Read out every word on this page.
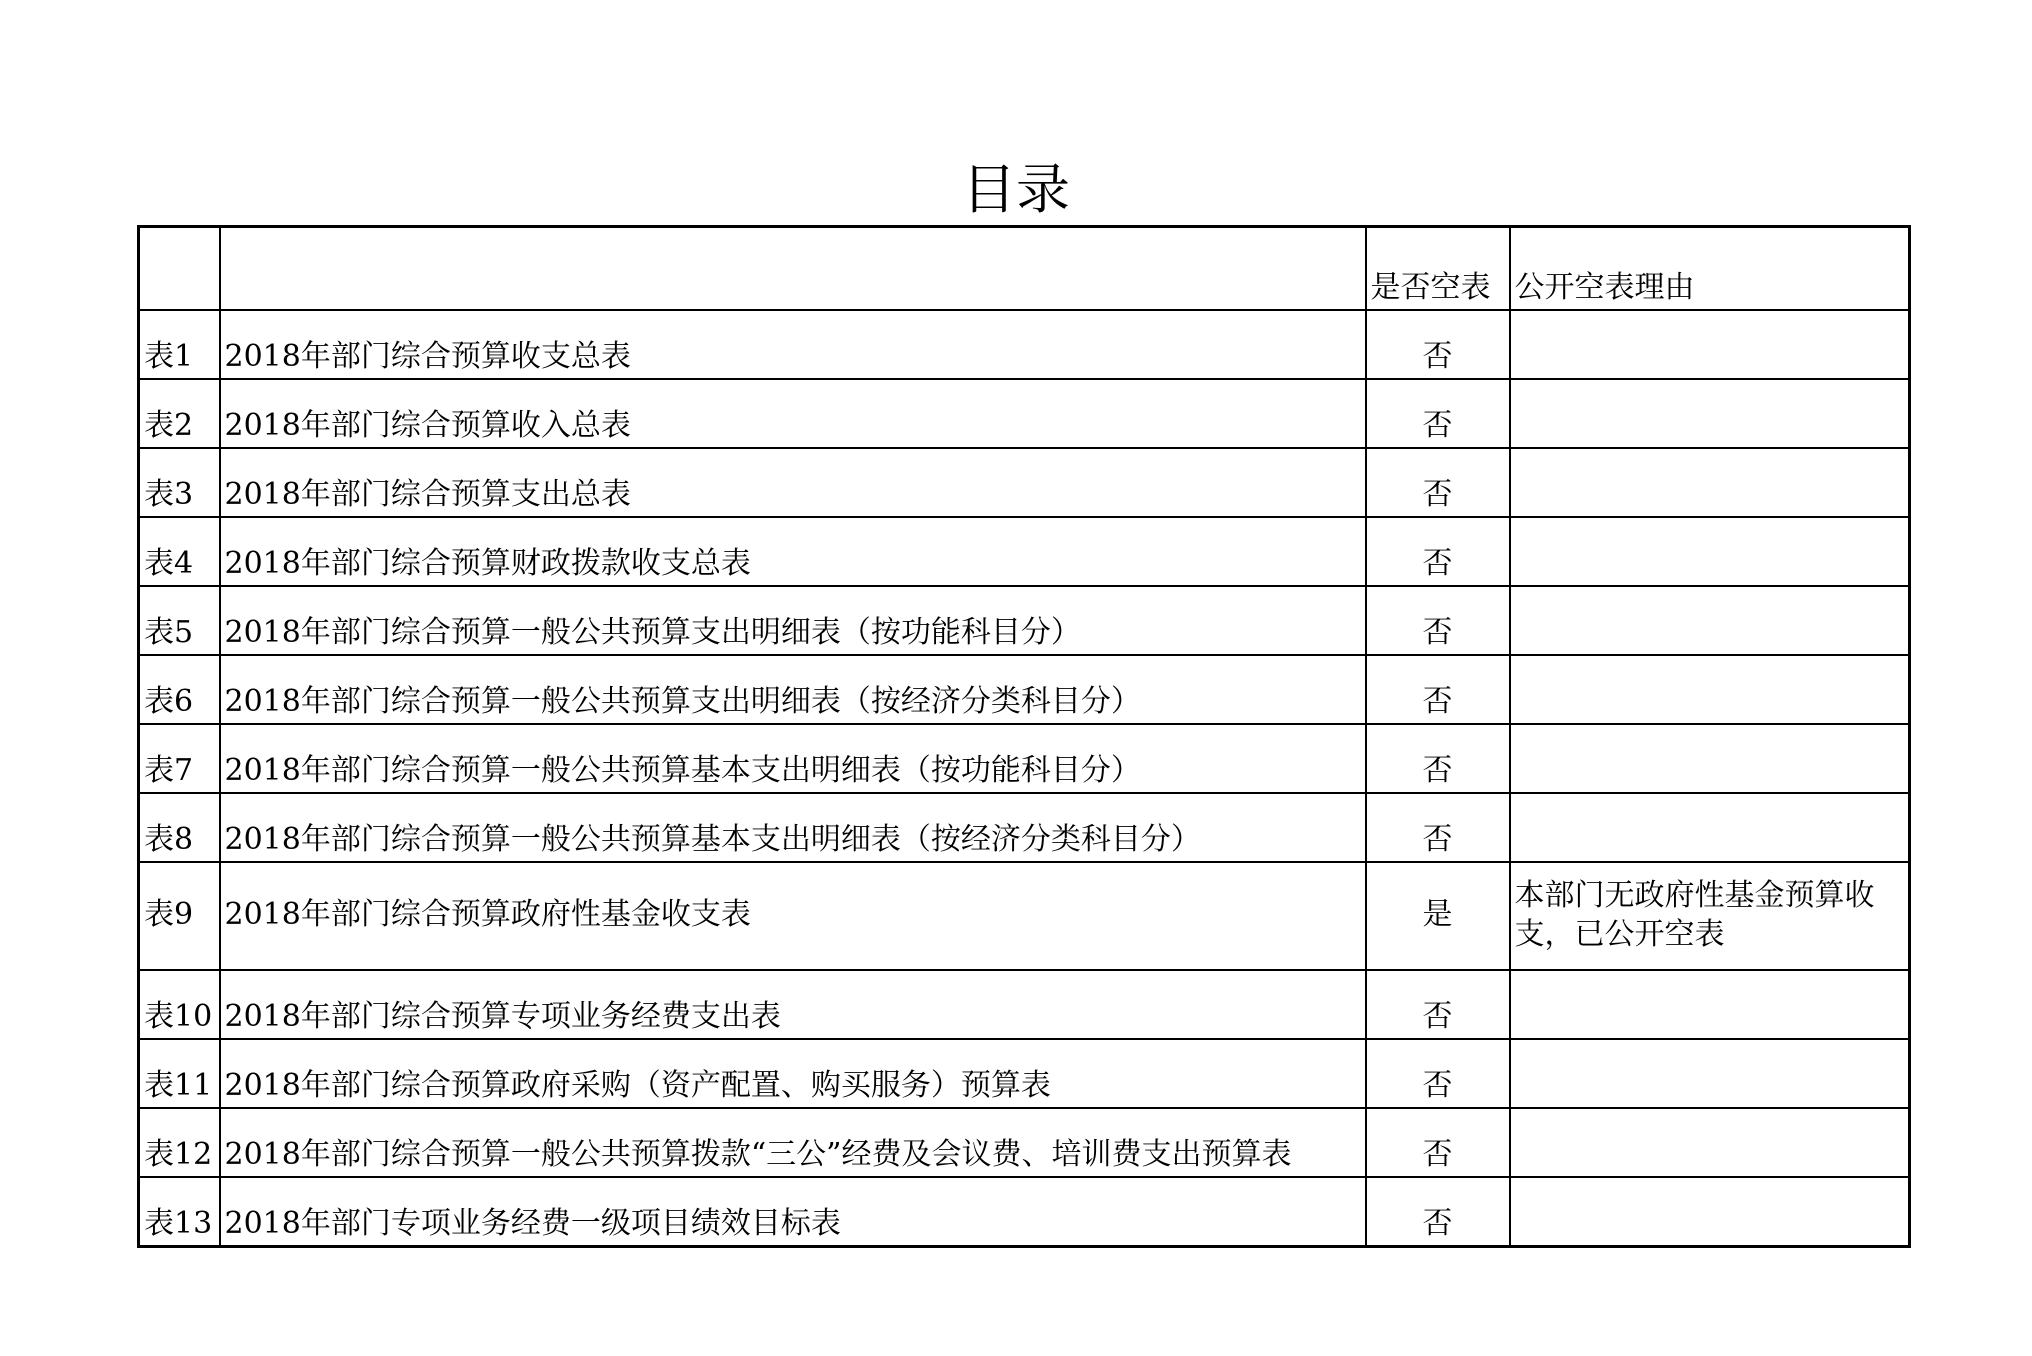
目录
		是否空表	公开空表理由
表1	2018年部门综合预算收支总表	否	
表2	2018年部门综合预算收入总表	否	
表3	2018年部门综合预算支出总表	否	
表4	2018年部门综合预算财政拨款收支总表	否	
表5	2018年部门综合预算一般公共预算支出明细表（按功能科目分）	否	
表6	2018年部门综合预算一般公共预算支出明细表（按经济分类科目分）	否	
表7	2018年部门综合预算一般公共预算基本支出明细表（按功能科目分）	否	
表8	2018年部门综合预算一般公共预算基本支出明细表（按经济分类科目分）	否	
表9	2018年部门综合预算政府性基金收支表	是	本部门无政府性基金预算收支，已公开空表
表10	2018年部门综合预算专项业务经费支出表	否	
表11	2018年部门综合预算政府采购（资产配置、购买服务）预算表	否	
表12	2018年部门综合预算一般公共预算拨款“三公”经费及会议费、培训费支出预算表	否	
表13	2018年部门专项业务经费一级项目绩效目标表	否	
